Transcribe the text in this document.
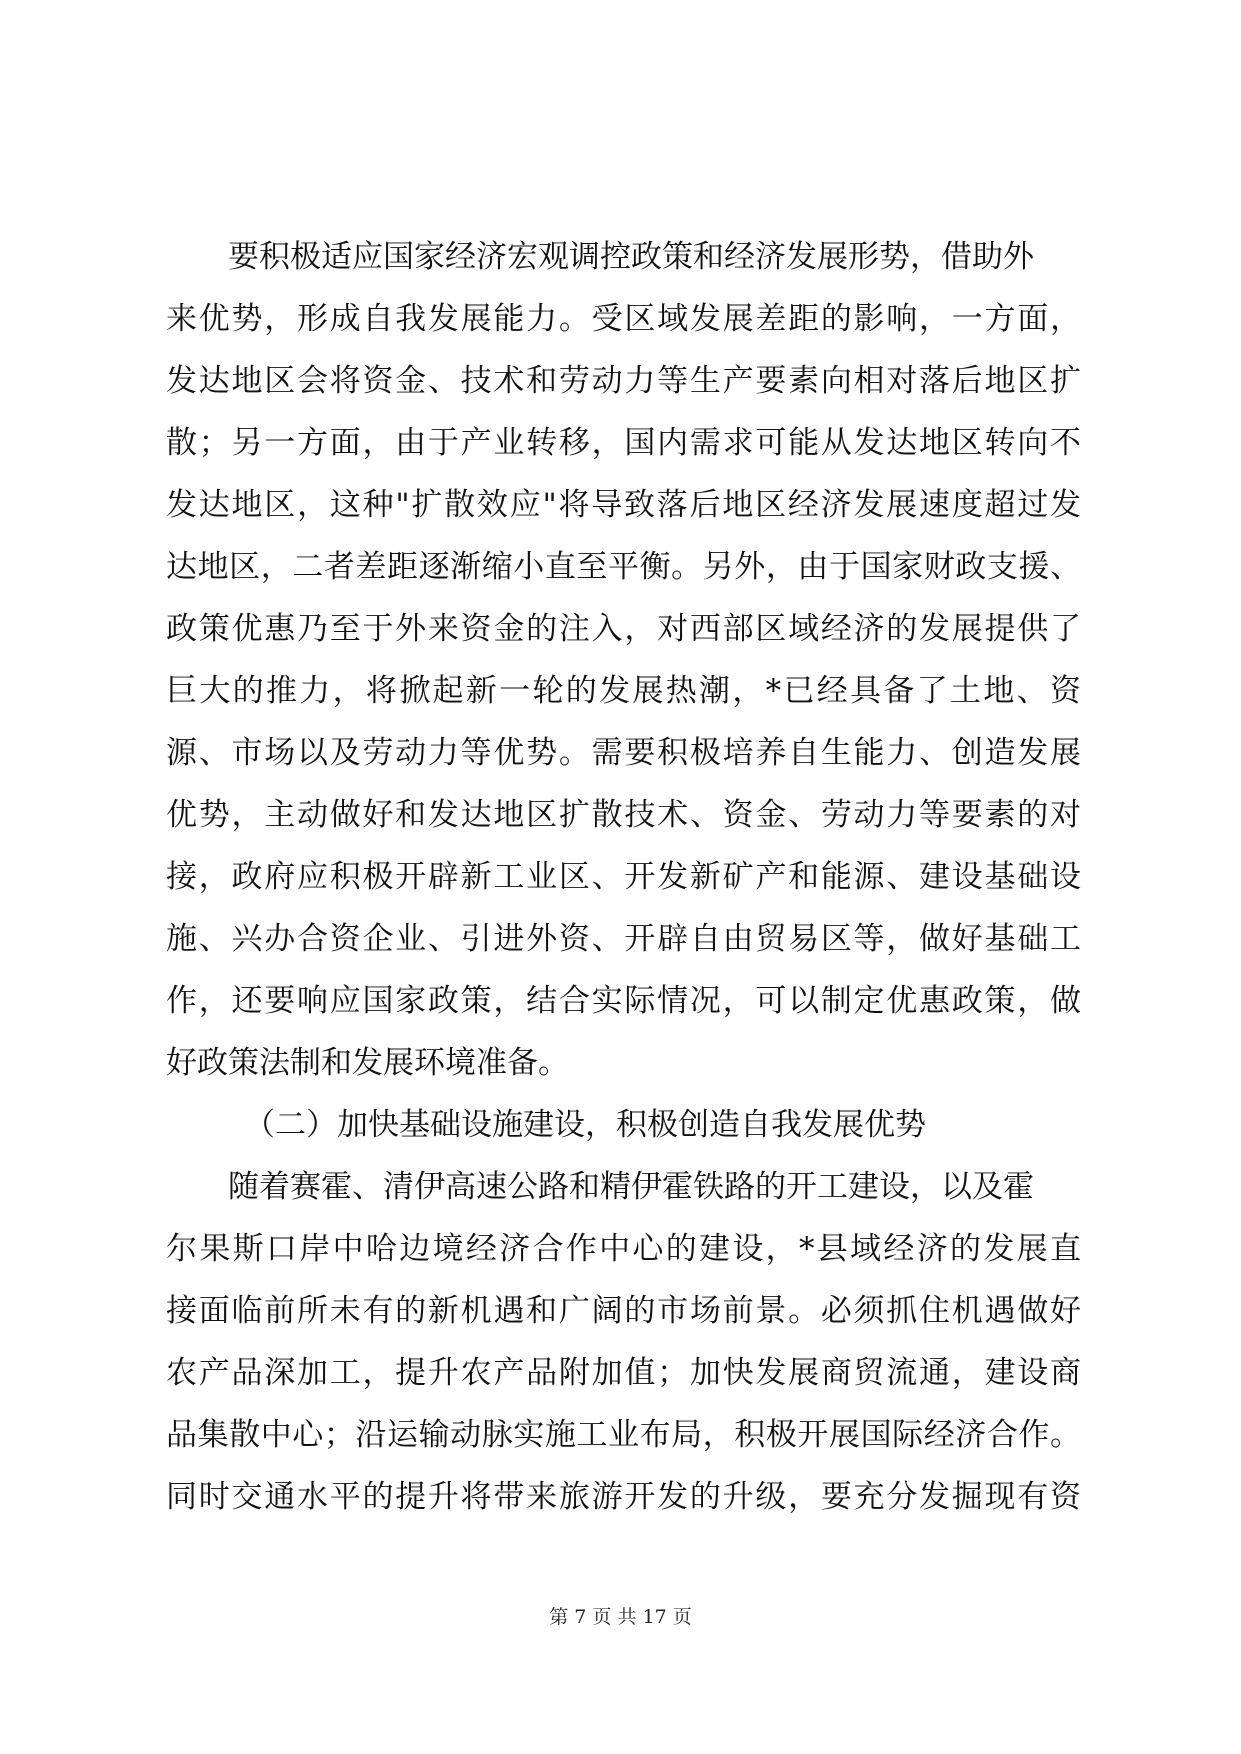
要积极适应国家经济宏观调控政策和经济发展形势，借助外
来优势，形成自我发展能力。受区域发展差距的影响，一方面，
发达地区会将资金、技术和劳动力等生产要素向相对落后地区扩
散；另一方面，由于产业转移，国内需求可能从发达地区转向不
发达地区，这种"扩散效应"将导致落后地区经济发展速度超过发
达地区，二者差距逐渐缩小直至平衡。另外，由于国家财政支援、
政策优惠乃至于外来资金的注入，对西部区域经济的发展提供了
巨大的推力，将掀起新一轮的发展热潮，*已经具备了土地、资
源、市场以及劳动力等优势。需要积极培养自生能力、创造发展
优势，主动做好和发达地区扩散技术、资金、劳动力等要素的对
接，政府应积极开辟新工业区、开发新矿产和能源、建设基础设
施、兴办合资企业、引进外资、开辟自由贸易区等，做好基础工
作，还要响应国家政策，结合实际情况，可以制定优惠政策，做
好政策法制和发展环境准备。
（二）加快基础设施建设，积极创造自我发展优势
随着赛霍、清伊高速公路和精伊霍铁路的开工建设，以及霍
尔果斯口岸中哈边境经济合作中心的建设，*县域经济的发展直
接面临前所未有的新机遇和广阔的市场前景。必须抓住机遇做好
农产品深加工，提升农产品附加值；加快发展商贸流通，建设商
品集散中心；沿运输动脉实施工业布局，积极开展国际经济合作。
同时交通水平的提升将带来旅游开发的升级，要充分发掘现有资
第 7 页 共 17 页
